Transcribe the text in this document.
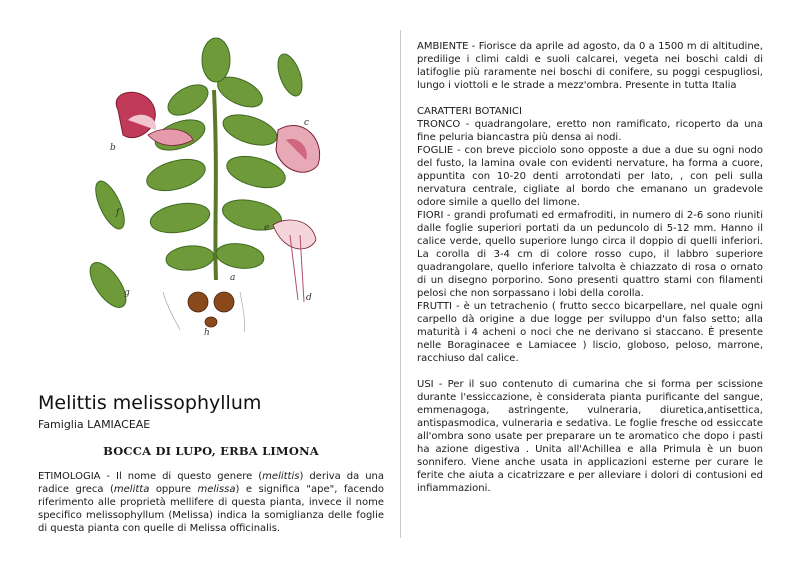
b
c
f
e
d
g
h
a
Melittis melissophyllum

Famiglia LAMIACEAE

BOCCA DI LUPO, ERBA LIMONA

ETIMOLOGIA - Il nome di questo genere (melittis) deriva da una radice greca (melitta oppure melissa) e significa "ape", facendo riferimento alle proprietà mellifere di questa pianta, invece il nome specifico melissophyllum (Melissa) indica la somiglianza delle foglie di questa pianta con quelle di Melissa officinalis.

AMBIENTE - Fiorisce da aprile ad agosto, da 0 a 1500 m di altitudine, predilige i climi caldi e suoli calcarei, vegeta nei boschi caldi di latifoglie più raramente nei boschi di conifere, su poggi cespugliosi, lungo i viottoli e le strade a mezz'ombra. Presente in tutta Italia

CARATTERI BOTANICI

TRONCO - quadrangolare, eretto non ramificato, ricoperto da una fine peluria biancastra più densa ai nodi.

FOGLIE - con breve picciolo sono opposte a due a due su ogni nodo del fusto, la lamina ovale con evidenti nervature, ha forma a cuore, appuntita con 10-20 denti arrotondati per lato, , con peli sulla nervatura centrale, cigliate al bordo che emanano un gradevole odore simile a quello del limone.

FIORI - grandi profumati ed ermafroditi, in numero di 2-6 sono riuniti dalle foglie superiori portati da un peduncolo di 5-12 mm. Hanno il calice verde, quello superiore lungo circa il doppio di quelli inferiori. La corolla di 3-4 cm di colore rosso cupo, il labbro superiore quadrangolare, quello inferiore talvolta è chiazzato di rosa o ornato di un disegno porporino. Sono presenti quattro stami con filamenti pelosi che non sorpassano i lobi della corolla.

FRUTTI - è un tetrachenio ( frutto secco bicarpellare, nel quale ogni carpello dà origine a due logge per sviluppo d'un falso setto; alla maturità i 4 acheni o noci che ne derivano si staccano. È presente nelle Boraginacee e Lamiacee ) liscio, globoso, peloso, marrone, racchiuso dal calice.

USI - Per il suo contenuto di cumarina che si forma per scissione durante l'essiccazione, è considerata pianta purificante del sangue, emmenagoga, astringente, vulneraria, diuretica,antisettica, antispasmodica, vulneraria e sedativa. Le foglie fresche od essiccate all'ombra sono usate per preparare un te aromatico che dopo i pasti ha azione digestiva . Unita all'Achillea e alla Primula è un buon sonnifero. Viene anche usata in applicazioni esterne per curare le ferite che aiuta a cicatrizzare e per alleviare i dolori di contusioni ed infiammazioni.
